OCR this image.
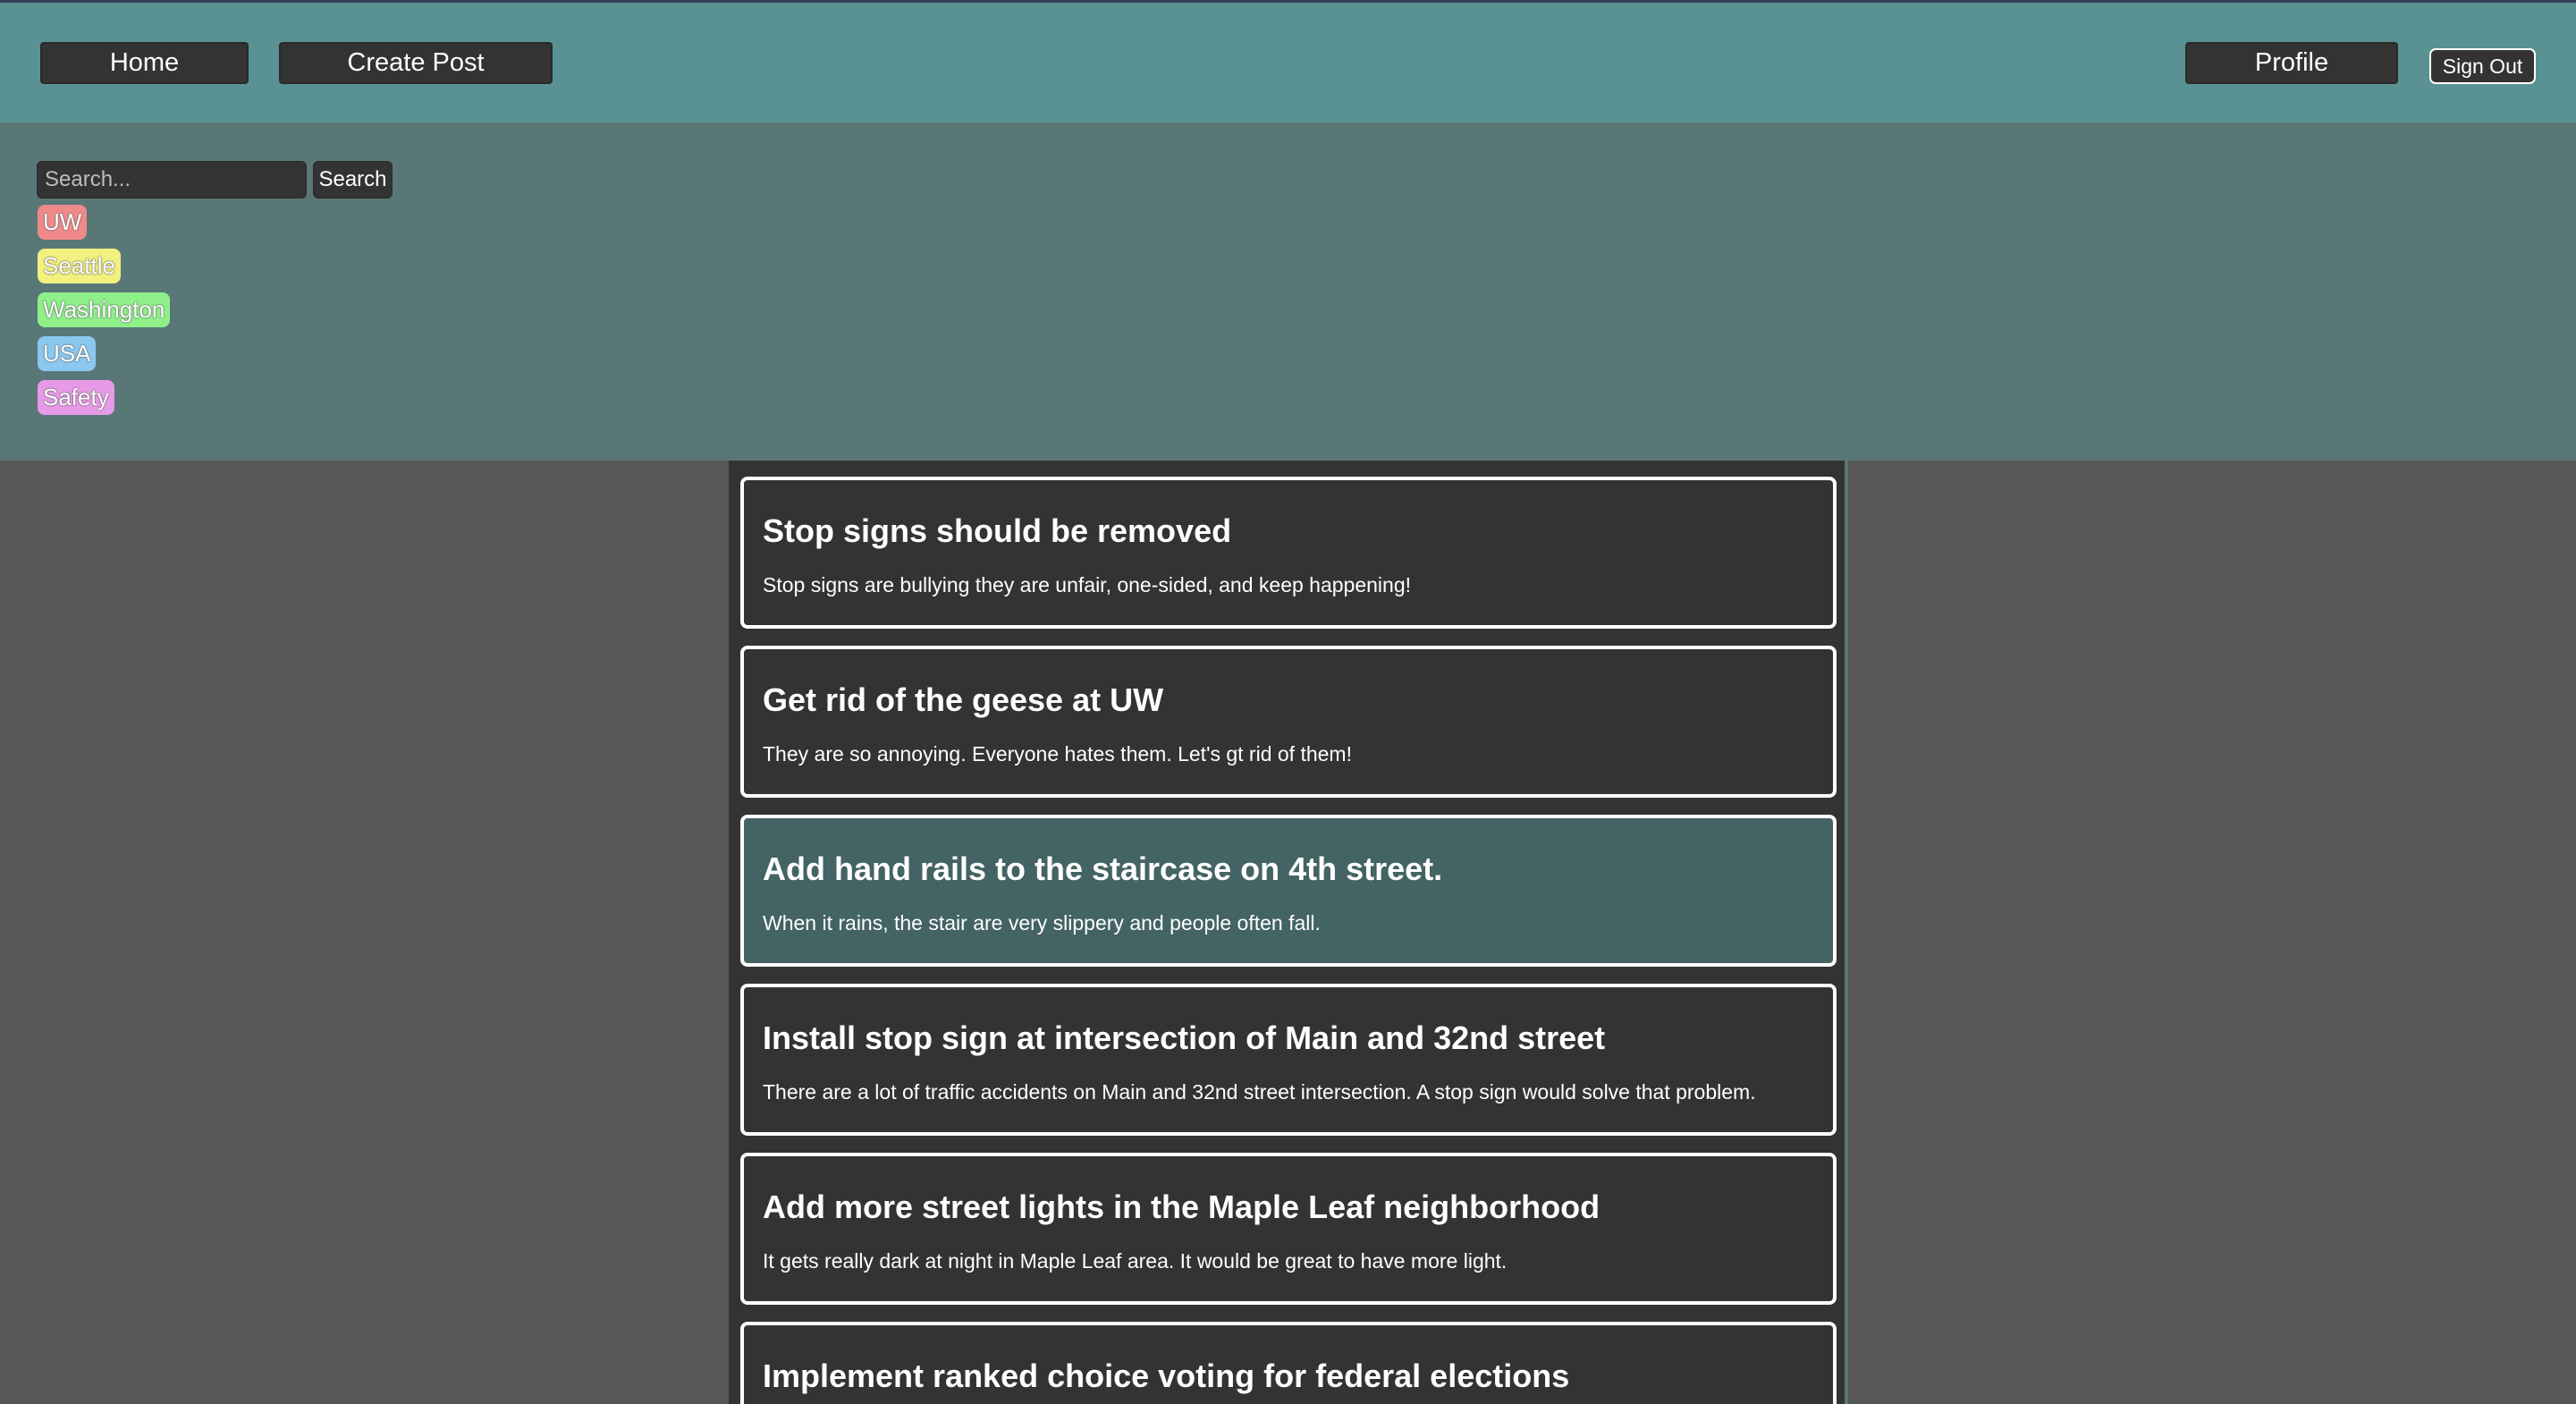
Home	Create Post	Profile	Sign Out
Search...
Search
UW
Seattle
Washington
USA
Safety
Stop signs should be removed
Stop signs are bullying they are unfair, one-sided, and keep happening!
Get rid of the geese at UW
They are so annoying. Everyone hates them. Let's gt rid of them!
Add hand rails to the staircase on 4th street.
When it rains, the stair are very slippery and people often fall.
Install stop sign at intersection of Main and 32nd street
There are a lot of traffic accidents on Main and 32nd street intersection. A stop sign would solve that problem.
Add more street lights in the Maple Leaf neighborhood
It gets really dark at night in Maple Leaf area. It would be great to have more light.
Implement ranked choice voting for federal elections
